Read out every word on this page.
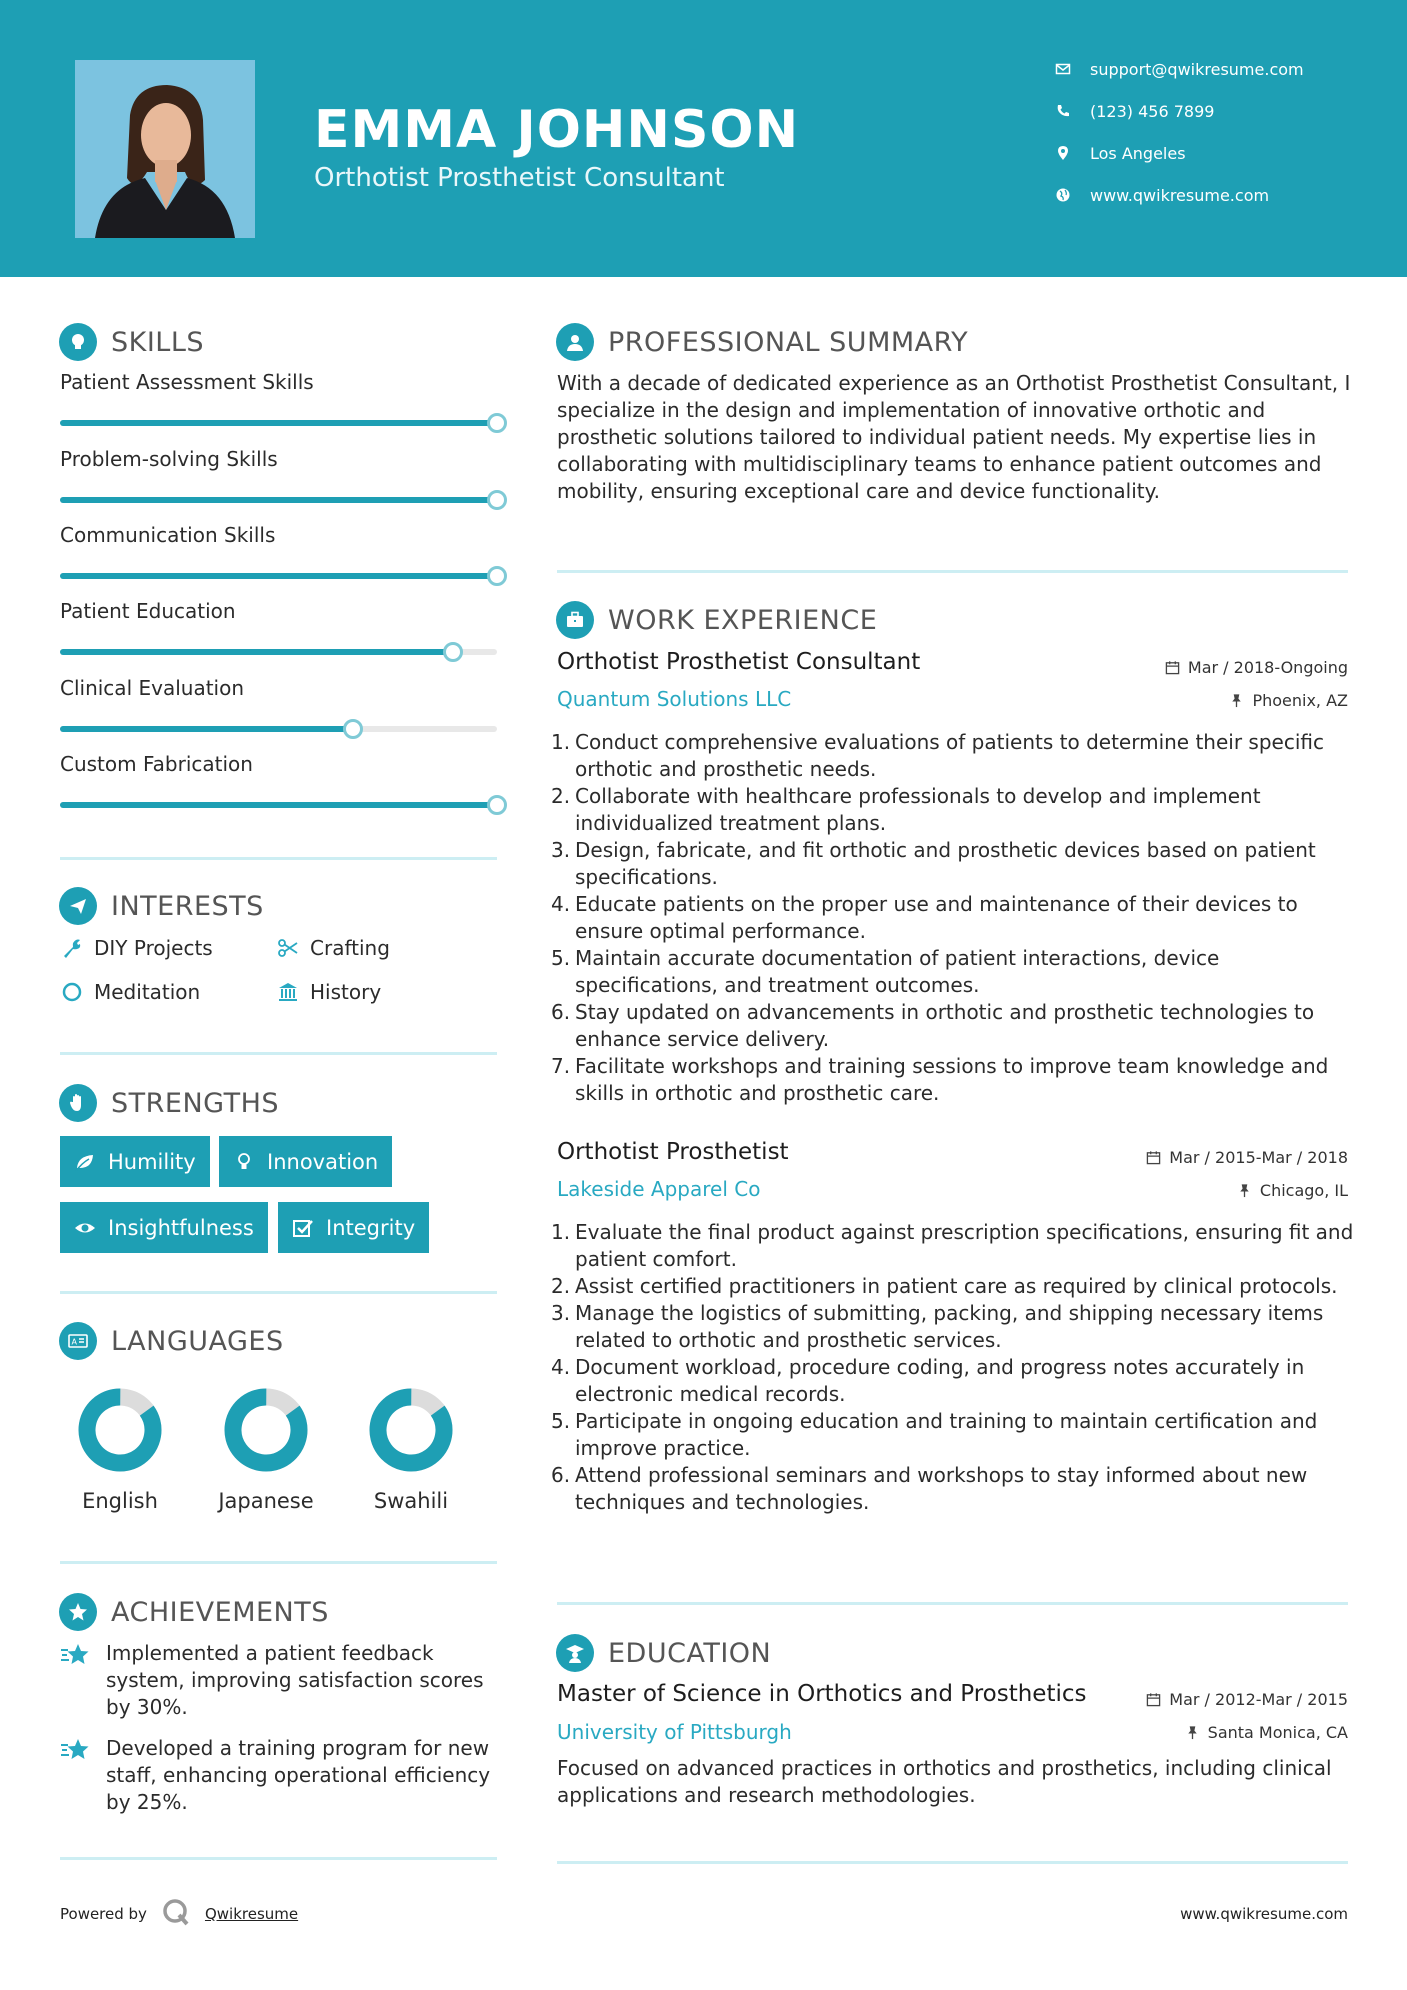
EMMA JOHNSON
Orthotist Prosthetist Consultant
support@qwikresume.com
(123) 456 7899
Los Angeles
www.qwikresume.com
SKILLS
Patient Assessment Skills
Problem-solving Skills
Communication Skills
Patient Education
Clinical Evaluation
Custom Fabrication
INTERESTS
DIY Projects	Crafting
Meditation	History
STRENGTHS
Humility	Innovation
Insightfulness	Integrity
A LANGUAGES
English	Japanese	Swahili
ACHIEVEMENTS
Implemented a patient feedback system, improving satisfaction scores by 30%.
Developed a training program for new staff, enhancing operational efficiency by 25%.
PROFESSIONAL SUMMARY
With a decade of dedicated experience as an Orthotist Prosthetist Consultant, I specialize in the design and implementation of innovative orthotic and prosthetic solutions tailored to individual patient needs. My expertise lies in collaborating with multidisciplinary teams to enhance patient outcomes and mobility, ensuring exceptional care and device functionality.
WORK EXPERIENCE
Orthotist Prosthetist Consultant	Mar / 2018-Ongoing
Quantum Solutions LLC	Phoenix, AZ
1. Conduct comprehensive evaluations of patients to determine their specific orthotic and prosthetic needs.
2. Collaborate with healthcare professionals to develop and implement individualized treatment plans.
3. Design, fabricate, and fit orthotic and prosthetic devices based on patient specifications.
4. Educate patients on the proper use and maintenance of their devices to ensure optimal performance.
5. Maintain accurate documentation of patient interactions, device specifications, and treatment outcomes.
6. Stay updated on advancements in orthotic and prosthetic technologies to enhance service delivery.
7. Facilitate workshops and training sessions to improve team knowledge and skills in orthotic and prosthetic care.
Orthotist Prosthetist	Mar / 2015-Mar / 2018
Lakeside Apparel Co	Chicago, IL
1. Evaluate the final product against prescription specifications, ensuring fit and patient comfort.
2. Assist certified practitioners in patient care as required by clinical protocols.
3. Manage the logistics of submitting, packing, and shipping necessary items related to orthotic and prosthetic services.
4. Document workload, procedure coding, and progress notes accurately in electronic medical records.
5. Participate in ongoing education and training to maintain certification and improve practice.
6. Attend professional seminars and workshops to stay informed about new techniques and technologies.
EDUCATION
Master of Science in Orthotics and Prosthetics	Mar / 2012-Mar / 2015
University of Pittsburgh	Santa Monica, CA
Focused on advanced practices in orthotics and prosthetics, including clinical applications and research methodologies.
Powered by	Qwikresume	www.qwikresume.com
